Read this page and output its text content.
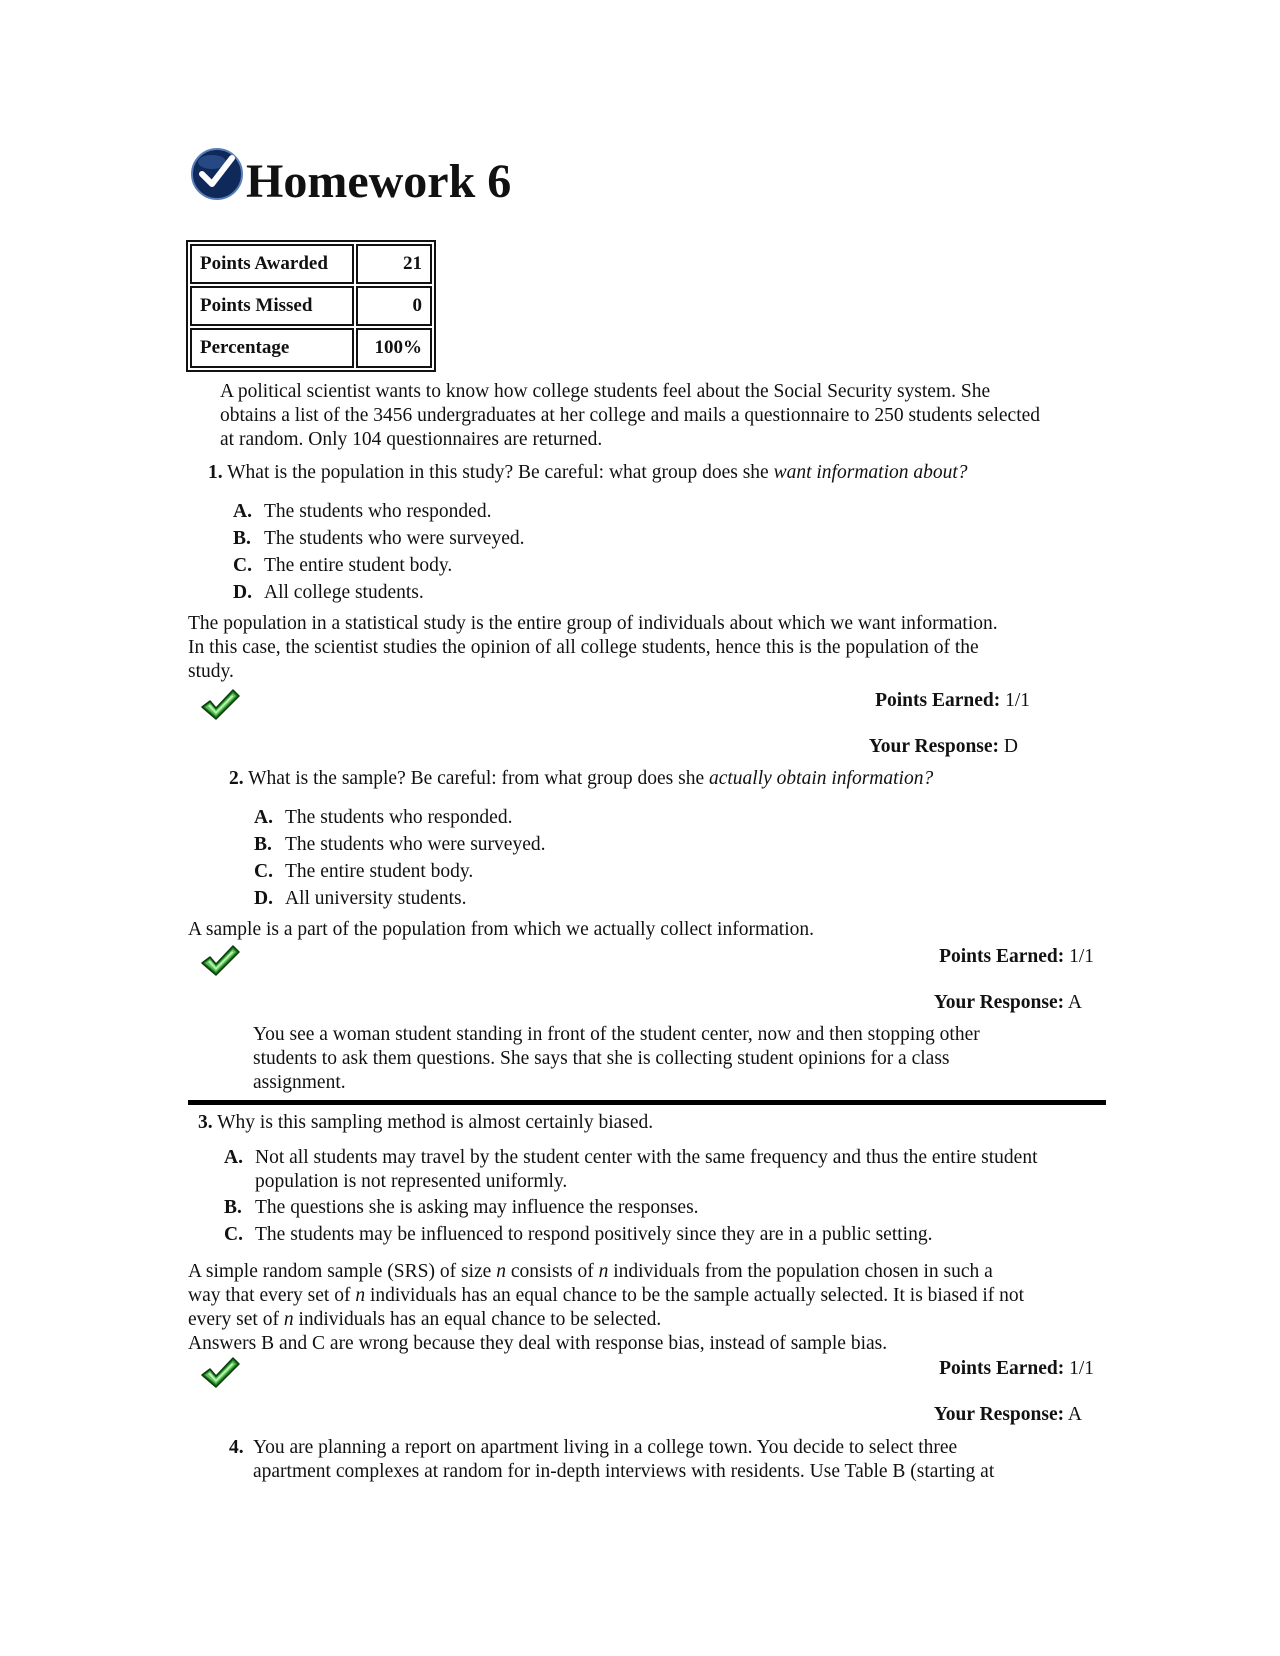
Homework 6
Points Awarded	21
Points Missed	0
Percentage	100%
A political scientist wants to know how college students feel about the Social Security system. She
obtains a list of the 3456 undergraduates at her college and mails a questionnaire to 250 students selected
at random. Only 104 questionnaires are returned.
1. What is the population in this study? Be careful: what group does she want information about?
A. The students who responded.
B. The students who were surveyed.
C. The entire student body.
D. All college students.
The population in a statistical study is the entire group of individuals about which we want information.
In this case, the scientist studies the opinion of all college students, hence this is the population of the
study.
Points Earned: 1/1
Your Response: D
2. What is the sample? Be careful: from what group does she actually obtain information?
A. The students who responded.
B. The students who were surveyed.
C. The entire student body.
D. All university students.
A sample is a part of the population from which we actually collect information.
Points Earned: 1/1
Your Response: A
You see a woman student standing in front of the student center, now and then stopping other
students to ask them questions. She says that she is collecting student opinions for a class
assignment.
3. Why is this sampling method is almost certainly biased.
A. Not all students may travel by the student center with the same frequency and thus the entire student
population is not represented uniformly.
B. The questions she is asking may influence the responses.
C. The students may be influenced to respond positively since they are in a public setting.
A simple random sample (SRS) of size n consists of n individuals from the population chosen in such a
way that every set of n individuals has an equal chance to be the sample actually selected. It is biased if not
every set of n individuals has an equal chance to be selected.
Answers B and C are wrong because they deal with response bias, instead of sample bias.
Points Earned: 1/1
Your Response: A
4. You are planning a report on apartment living in a college town. You decide to select three
apartment complexes at random for in-depth interviews with residents. Use Table B (starting at
